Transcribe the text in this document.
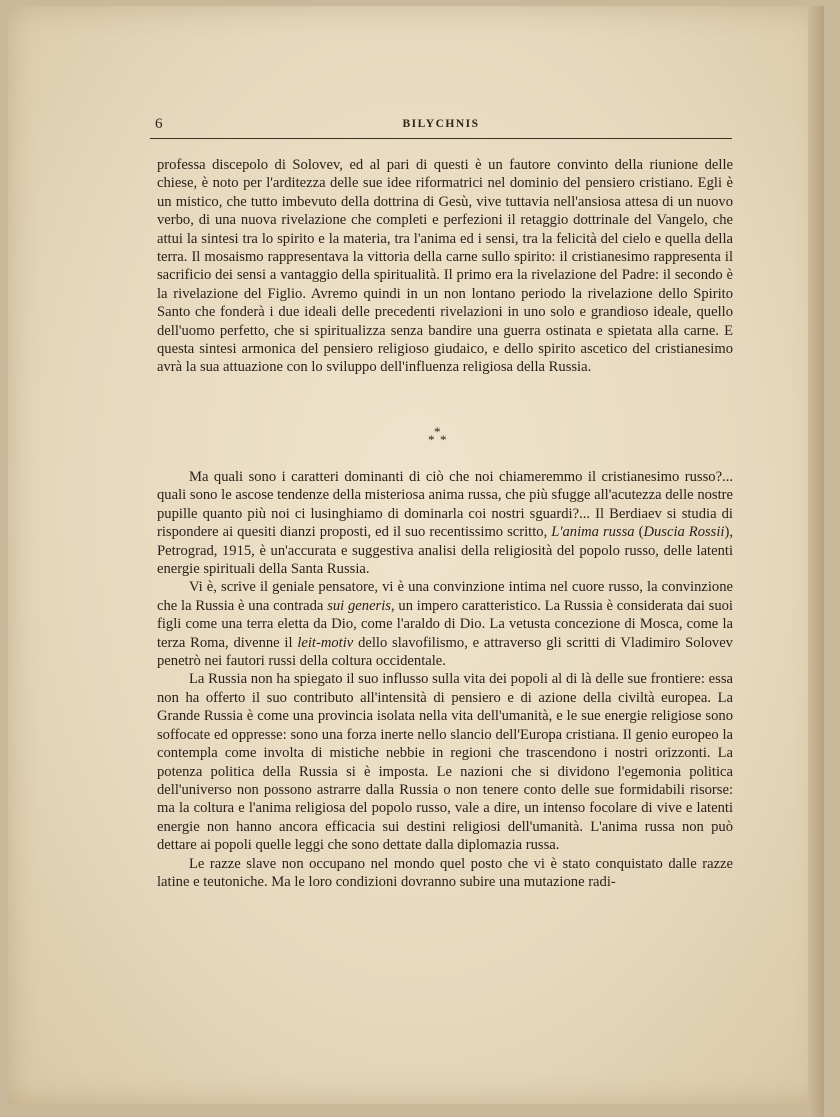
6	BILYCHNIS

professa discepolo di Solovev, ed al pari di questi è un fautore convinto della riunione delle chiese, è noto per l'arditezza delle sue idee riformatrici nel dominio del pensiero cristiano. Egli è un mistico, che tutto imbevuto della dottrina di Gesù, vive tuttavia nell'ansiosa attesa di un nuovo verbo, di una nuova rivelazione che completi e perfezioni il retaggio dottrinale del Vangelo, che attui la sintesi tra lo spirito e la materia, tra l'anima ed i sensi, tra la felicità del cielo e quella della terra. Il mosaismo rappresentava la vittoria della carne sullo spirito: il cristianesimo rappresenta il sacrificio dei sensi a vantaggio della spiritualità. Il primo era la rivelazione del Padre: il secondo è la rivelazione del Figlio. Avremo quindi in un non lontano periodo la rivelazione dello Spirito Santo che fonderà i due ideali delle precedenti rivelazioni in uno solo e grandioso ideale, quello dell'uomo perfetto, che si spiritualizza senza bandire una guerra ostinata e spietata alla carne. E questa sintesi armonica del pensiero religioso giudaico, e dello spirito ascetico del cristianesimo avrà la sua attuazione con lo sviluppo dell'influenza religiosa della Russia.

*
* *

Ma quali sono i caratteri dominanti di ciò che noi chiameremmo il cristianesimo russo?... quali sono le ascose tendenze della misteriosa anima russa, che più sfugge all'acutezza delle nostre pupille quanto più noi ci lusinghiamo di dominarla coi nostri sguardi?... Il Berdiaev si studia di rispondere ai quesiti dianzi proposti, ed il suo recentissimo scritto, L'anima russa (Duscia Rossii), Petrograd, 1915, è un'accurata e suggestiva analisi della religiosità del popolo russo, delle latenti energie spirituali della Santa Russia.

Vi è, scrive il geniale pensatore, vi è una convinzione intima nel cuore russo, la convinzione che la Russia è una contrada sui generis, un impero caratteristico. La Russia è considerata dai suoi figli come una terra eletta da Dio, come l'araldo di Dio. La vetusta concezione di Mosca, come la terza Roma, divenne il leit-motiv dello slavofilismo, e attraverso gli scritti di Vladimiro Solovev penetrò nei fautori russi della coltura occidentale.

La Russia non ha spiegato il suo influsso sulla vita dei popoli al di là delle sue frontiere: essa non ha offerto il suo contributo all'intensità di pensiero e di azione della civiltà europea. La Grande Russia è come una provincia isolata nella vita dell'umanità, e le sue energie religiose sono soffocate ed oppresse: sono una forza inerte nello slancio dell'Europa cristiana. Il genio europeo la contempla come involta di mistiche nebbie in regioni che trascendono i nostri orizzonti. La potenza politica della Russia si è imposta. Le nazioni che si dividono l'egemonia politica dell'universo non possono astrarre dalla Russia o non tenere conto delle sue formidabili risorse: ma la coltura e l'anima religiosa del popolo russo, vale a dire, un intenso focolare di vive e latenti energie non hanno ancora efficacia sui destini religiosi dell'umanità. L'anima russa non può dettare ai popoli quelle leggi che sono dettate dalla diplomazia russa.

Le razze slave non occupano nel mondo quel posto che vi è stato conquistato dalle razze latine e teutoniche. Ma le loro condizioni dovranno subire una mutazione radi-
